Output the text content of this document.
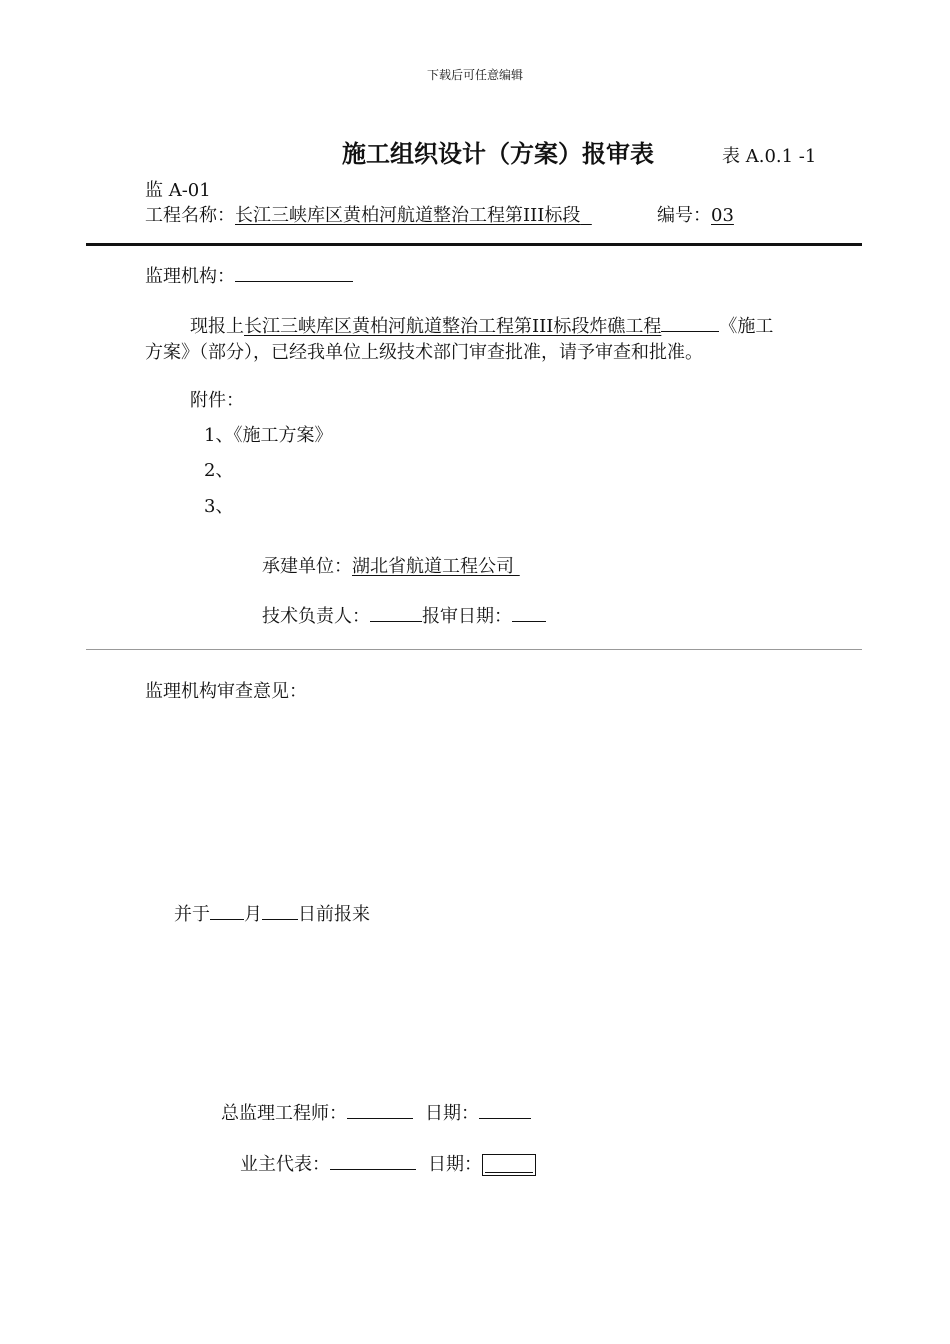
下载后可任意编辑
施工组织设计（方案）报审表	表 A.0.1 -1
监 A-01
工程名称：长江三峡库区黄柏河航道整治工程第III标段	编号：03
监理机构：
现报上长江三峡库区黄柏河航道整治工程第III标段炸礁工程	《施工
方案》（部分），已经我单位上级技术部门审查批准，请予审查和批准。
附件：
1、《施工方案》
2、
3、
承建单位：湖北省航道工程公司
技术负责人：	报审日期：
监理机构审查意见：
并于 月 日前报来
总监理工程师：	日期：
业主代表：	日期：
